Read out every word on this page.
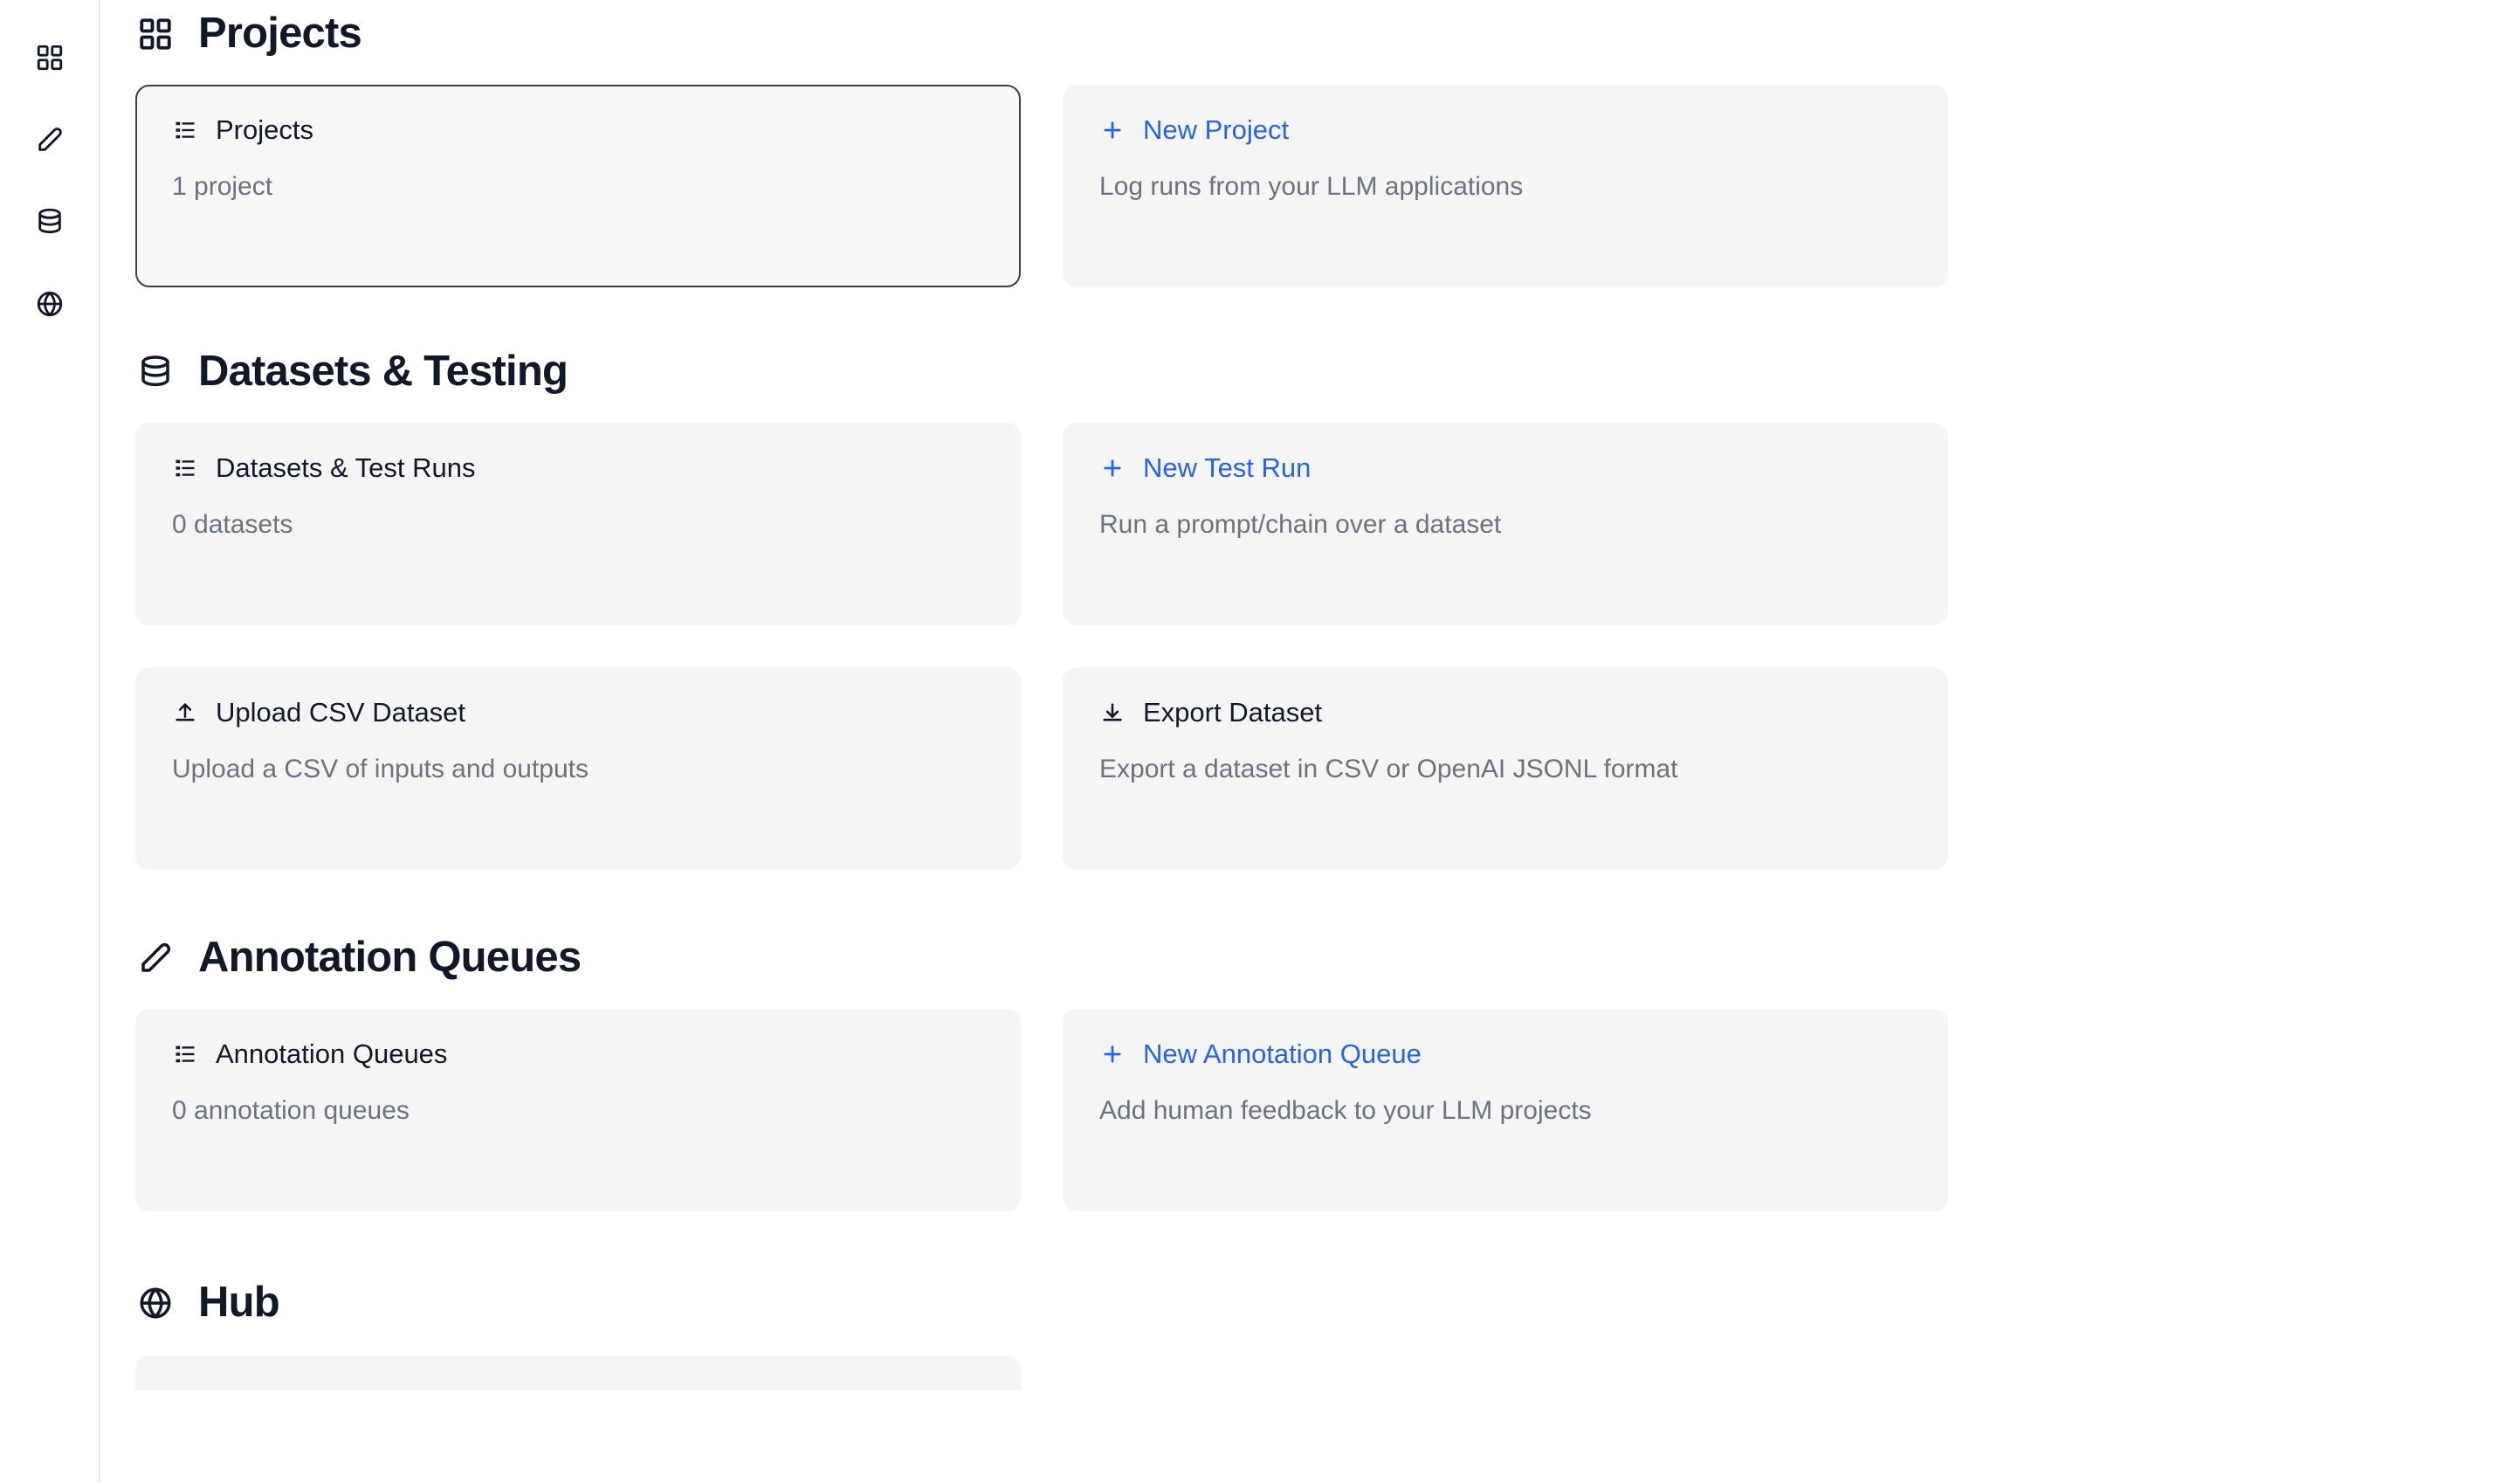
Projects
Projects
1 project
New Project
Log runs from your LLM applications
Datasets & Testing
Datasets & Test Runs
0 datasets
New Test Run
Run a prompt/chain over a dataset
Upload CSV Dataset
Upload a CSV of inputs and outputs
Export Dataset
Export a dataset in CSV or OpenAI JSONL format
Annotation Queues
Annotation Queues
0 annotation queues
New Annotation Queue
Add human feedback to your LLM projects
Hub
